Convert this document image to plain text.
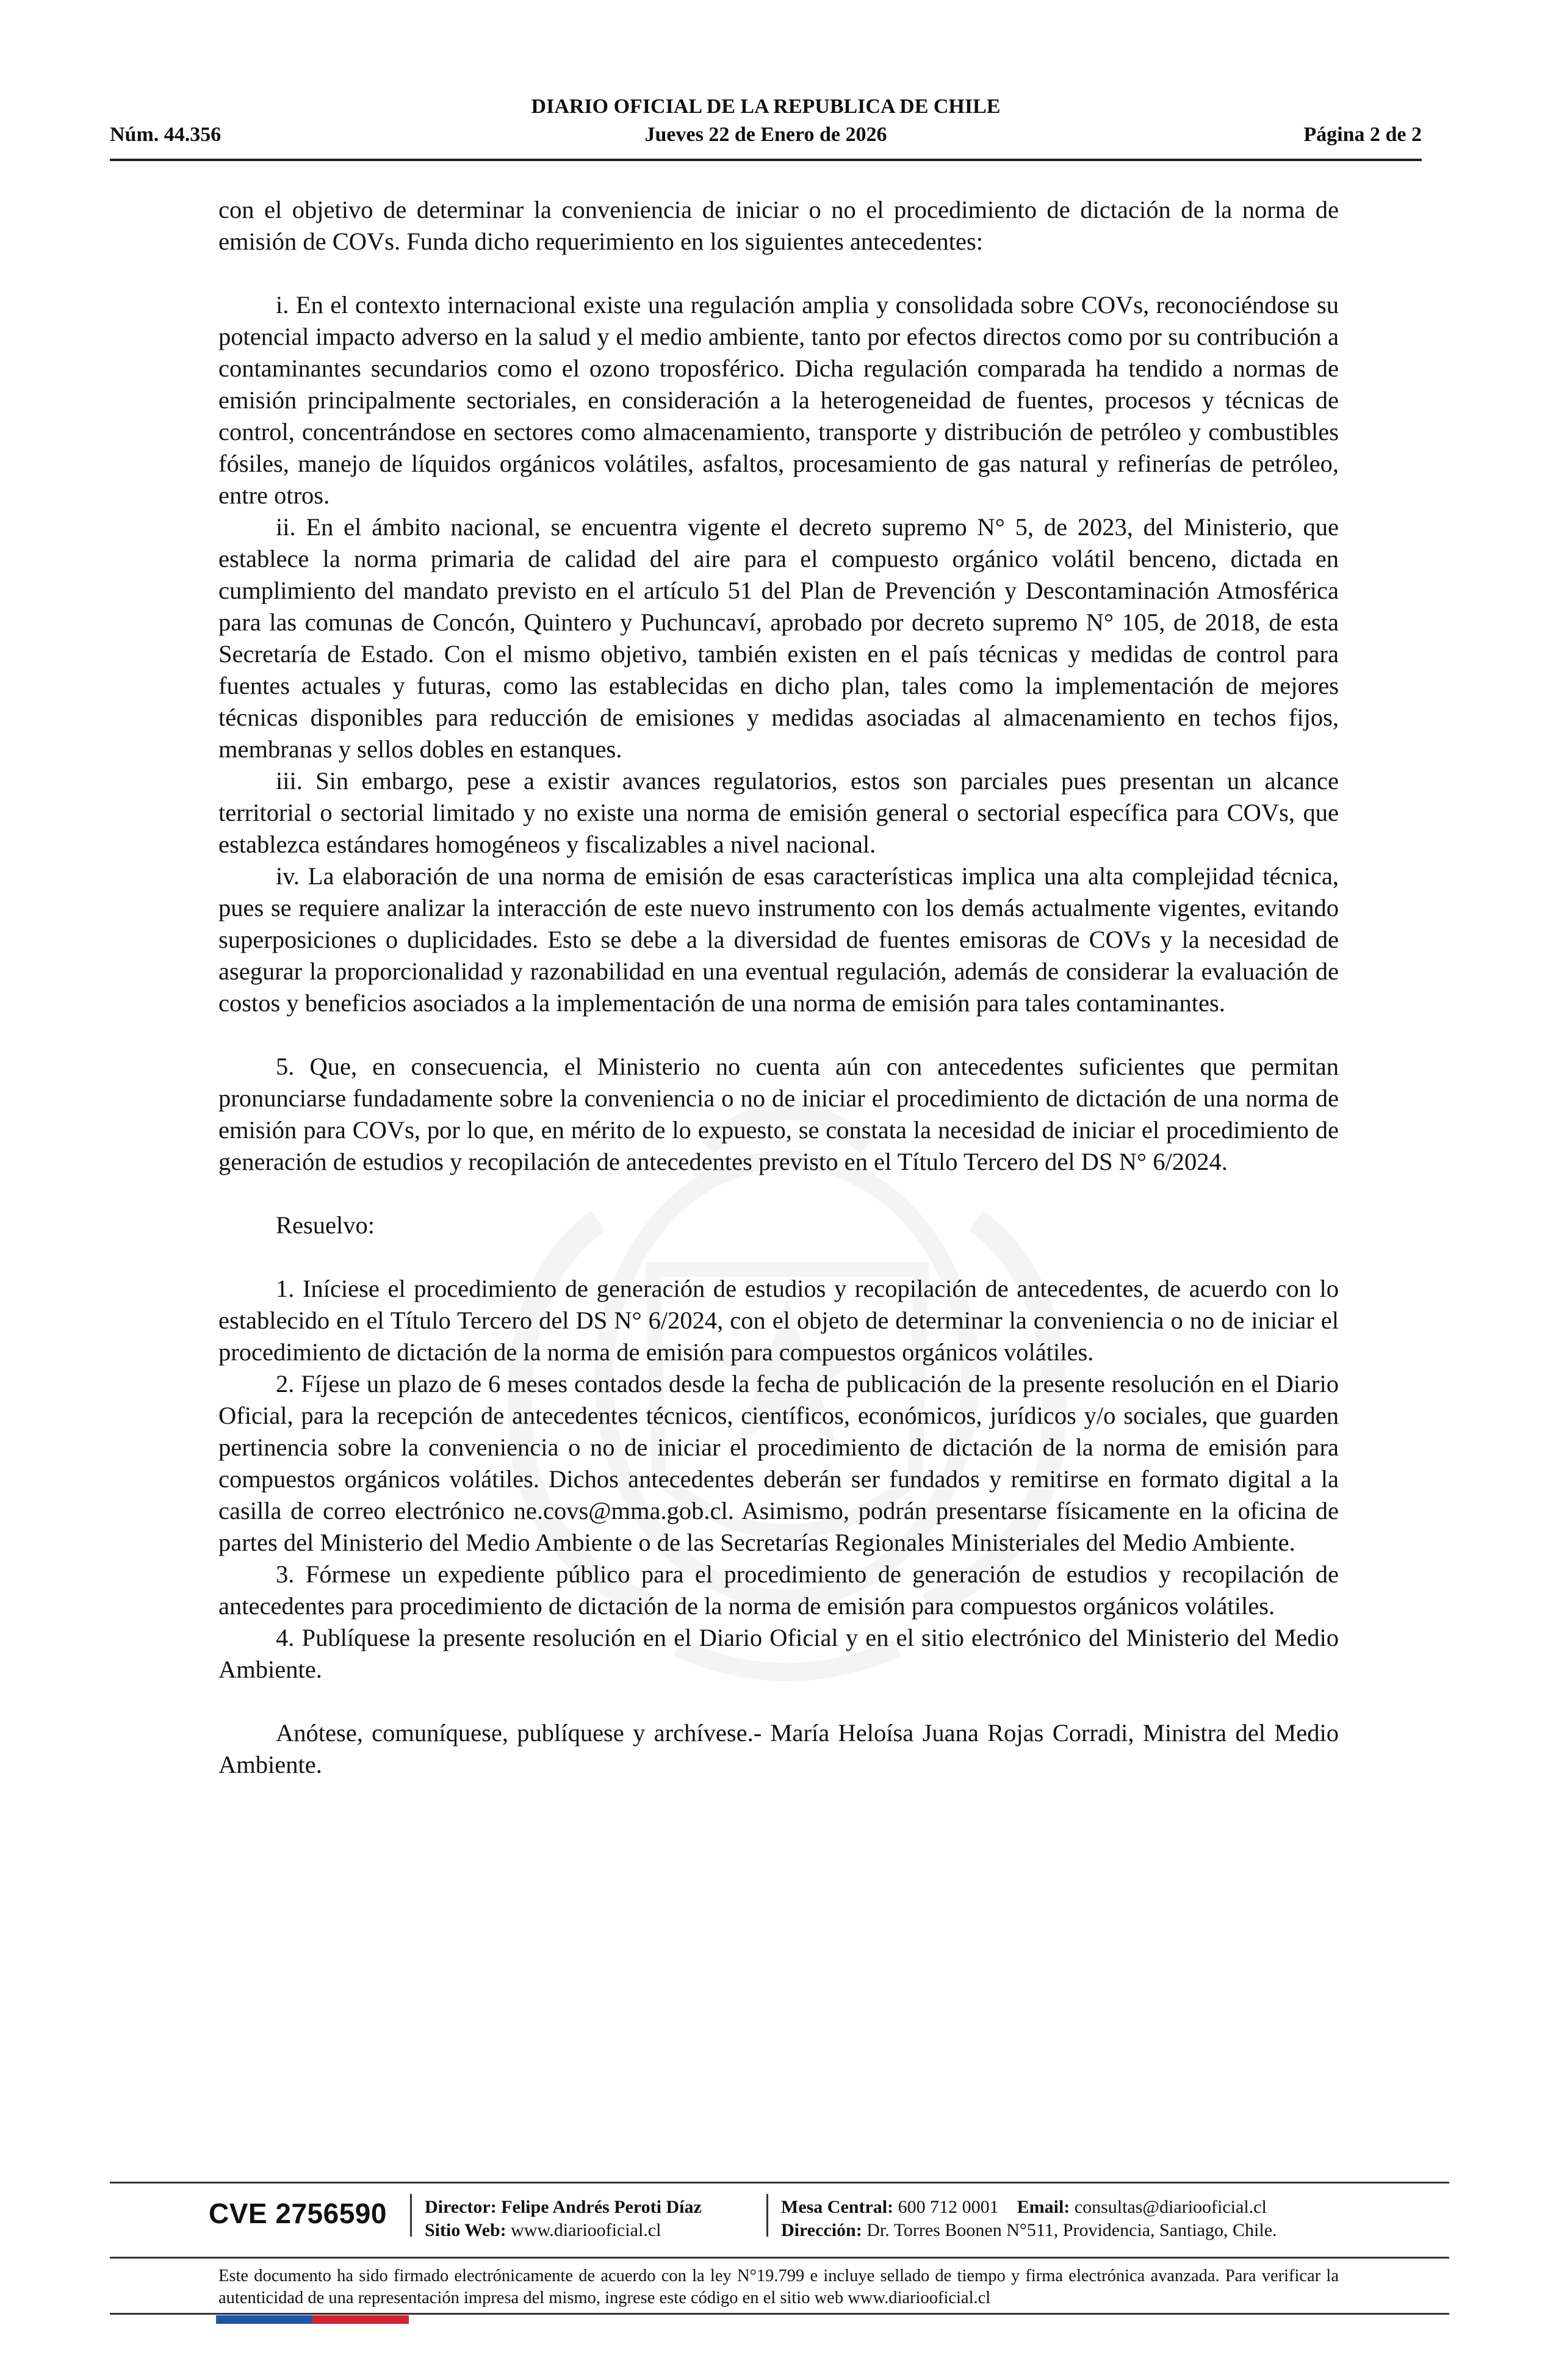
DIARIO OFICIAL DE LA REPUBLICA DE CHILE
Jueves 22 de Enero de 2026
Núm. 44.356	Página 2 de 2

con el objetivo de determinar la conveniencia de iniciar o no el procedimiento de dictación de la norma de emisión de COVs. Funda dicho requerimiento en los siguientes antecedentes:

i. En el contexto internacional existe una regulación amplia y consolidada sobre COVs, reconociéndose su potencial impacto adverso en la salud y el medio ambiente, tanto por efectos directos como por su contribución a contaminantes secundarios como el ozono troposférico. Dicha regulación comparada ha tendido a normas de emisión principalmente sectoriales, en consideración a la heterogeneidad de fuentes, procesos y técnicas de control, concentrándose en sectores como almacenamiento, transporte y distribución de petróleo y combustibles fósiles, manejo de líquidos orgánicos volátiles, asfaltos, procesamiento de gas natural y refinerías de petróleo, entre otros.

ii. En el ámbito nacional, se encuentra vigente el decreto supremo N° 5, de 2023, del Ministerio, que establece la norma primaria de calidad del aire para el compuesto orgánico volátil benceno, dictada en cumplimiento del mandato previsto en el artículo 51 del Plan de Prevención y Descontaminación Atmosférica para las comunas de Concón, Quintero y Puchuncaví, aprobado por decreto supremo N° 105, de 2018, de esta Secretaría de Estado. Con el mismo objetivo, también existen en el país técnicas y medidas de control para fuentes actuales y futuras, como las establecidas en dicho plan, tales como la implementación de mejores técnicas disponibles para reducción de emisiones y medidas asociadas al almacenamiento en techos fijos, membranas y sellos dobles en estanques.

iii. Sin embargo, pese a existir avances regulatorios, estos son parciales pues presentan un alcance territorial o sectorial limitado y no existe una norma de emisión general o sectorial específica para COVs, que establezca estándares homogéneos y fiscalizables a nivel nacional.

iv. La elaboración de una norma de emisión de esas características implica una alta complejidad técnica, pues se requiere analizar la interacción de este nuevo instrumento con los demás actualmente vigentes, evitando superposiciones o duplicidades. Esto se debe a la diversidad de fuentes emisoras de COVs y la necesidad de asegurar la proporcionalidad y razonabilidad en una eventual regulación, además de considerar la evaluación de costos y beneficios asociados a la implementación de una norma de emisión para tales contaminantes.

5. Que, en consecuencia, el Ministerio no cuenta aún con antecedentes suficientes que permitan pronunciarse fundadamente sobre la conveniencia o no de iniciar el procedimiento de dictación de una norma de emisión para COVs, por lo que, en mérito de lo expuesto, se constata la necesidad de iniciar el procedimiento de generación de estudios y recopilación de antecedentes previsto en el Título Tercero del DS N° 6/2024.

Resuelvo:

1. Iníciese el procedimiento de generación de estudios y recopilación de antecedentes, de acuerdo con lo establecido en el Título Tercero del DS N° 6/2024, con el objeto de determinar la conveniencia o no de iniciar el procedimiento de dictación de la norma de emisión para compuestos orgánicos volátiles.

2. Fíjese un plazo de 6 meses contados desde la fecha de publicación de la presente resolución en el Diario Oficial, para la recepción de antecedentes técnicos, científicos, económicos, jurídicos y/o sociales, que guarden pertinencia sobre la conveniencia o no de iniciar el procedimiento de dictación de la norma de emisión para compuestos orgánicos volátiles. Dichos antecedentes deberán ser fundados y remitirse en formato digital a la casilla de correo electrónico ne.covs@mma.gob.cl. Asimismo, podrán presentarse físicamente en la oficina de partes del Ministerio del Medio Ambiente o de las Secretarías Regionales Ministeriales del Medio Ambiente.

3. Fórmese un expediente público para el procedimiento de generación de estudios y recopilación de antecedentes para procedimiento de dictación de la norma de emisión para compuestos orgánicos volátiles.

4. Publíquese la presente resolución en el Diario Oficial y en el sitio electrónico del Ministerio del Medio Ambiente.

Anótese, comuníquese, publíquese y archívese.- María Heloísa Juana Rojas Corradi, Ministra del Medio Ambiente.

CVE 2756590 Director: Felipe Andrés Peroti Díaz
Sitio Web: www.diariooficial.cl
Mesa Central: 600 712 0001 Email: consultas@diariooficial.cl
Dirección: Dr. Torres Boonen N°511, Providencia, Santiago, Chile.
Este documento ha sido firmado electrónicamente de acuerdo con la ley N°19.799 e incluye sellado de tiempo y firma electrónica avanzada. Para verificar la autenticidad de una representación impresa del mismo, ingrese este código en el sitio web www.diariooficial.cl
